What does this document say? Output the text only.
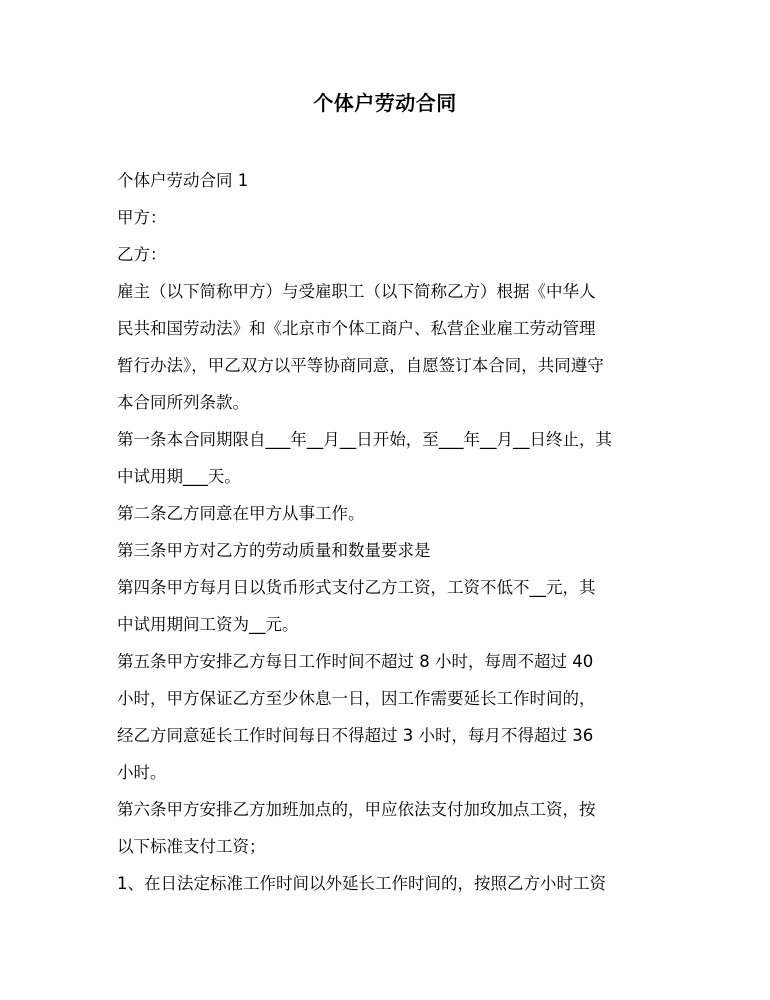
个体户劳动合同
个体户劳动合同 1
甲方：
乙方：
雇主（以下简称甲方）与受雇职工（以下简称乙方）根据《中华人
民共和国劳动法》和《北京市个体工商户、私营企业雇工劳动管理
暂行办法》，甲乙双方以平等协商同意，自愿签订本合同，共同遵守
本合同所列条款。
第一条本合同期限自___年__月__日开始，至___年__月__日终止，其
中试用期___天。
第二条乙方同意在甲方从事工作。
第三条甲方对乙方的劳动质量和数量要求是
第四条甲方每月日以货币形式支付乙方工资，工资不低不__元，其
中试用期间工资为__元。
第五条甲方安排乙方每日工作时间不超过 8 小时，每周不超过 40
小时，甲方保证乙方至少休息一日，因工作需要延长工作时间的，
经乙方同意延长工作时间每日不得超过 3 小时，每月不得超过 36
小时。
第六条甲方安排乙方加班加点的，甲应依法支付加玫加点工资，按
以下标准支付工资；
1、在日法定标准工作时间以外延长工作时间的，按照乙方小时工资
